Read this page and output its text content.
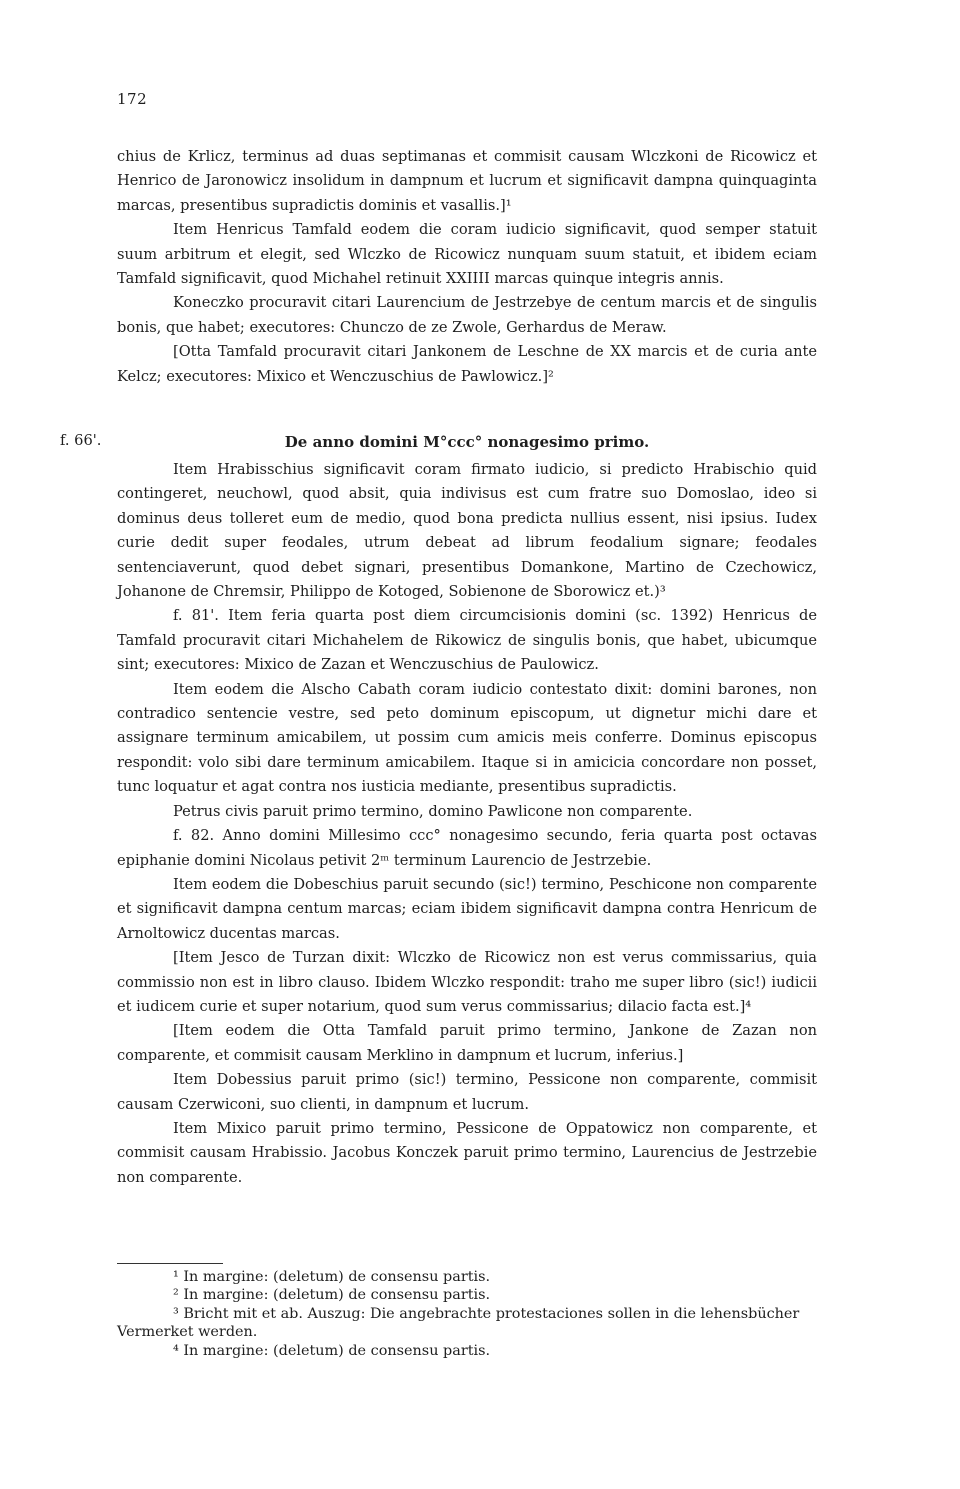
172

chius de Krlicz, terminus ad duas septimanas et commisit causam Wlczkoni de Ricowicz et Henrico de Jaronowicz insolidum in dampnum et lucrum et significavit dampna quinquaginta marcas, presentibus supradictis dominis et vasallis.]¹

Item Henricus Tamfald eodem die coram iudicio significavit, quod semper statuit suum arbitrum et elegit, sed Wlczko de Ricowicz nunquam suum statuit, et ibidem eciam Tamfald significavit, quod Michahel retinuit XXIIII marcas quinque integris annis.

Koneczko procuravit citari Laurencium de Jestrzebye de centum marcis et de singulis bonis, que habet; executores: Chunczo de ze Zwole, Gerhardus de Meraw.

[Otta Tamfald procuravit citari Jankonem de Leschne de XX marcis et de curia ante Kelcz; executores: Mixico et Wenczuschius de Pawlowicz.]²

f. 66'.	De anno domini M°ccc° nonagesimo primo.

Item Hrabisschius significavit coram firmato iudicio, si predicto Hrabischio quid contingeret, neuchowl, quod absit, quia indivisus est cum fratre suo Domoslao, ideo si dominus deus tolleret eum de medio, quod bona predicta nullius essent, nisi ipsius. Iudex curie dedit super feodales, utrum debeat ad librum feodalium signare; feodales sentenciaverunt, quod debet signari, presentibus Domankone, Martino de Czechowicz, Johanone de Chremsir, Philippo de Kotoged, Sobienone de Sborowicz et.)³

f. 81'. Item feria quarta post diem circumcisionis domini (sc. 1392) Henricus de Tamfald procuravit citari Michahelem de Rikowicz de singulis bonis, que habet, ubicumque sint; executores: Mixico de Zazan et Wenczuschius de Paulowicz.

Item eodem die Alscho Cabath coram iudicio contestato dixit: domini barones, non contradico sentencie vestre, sed peto dominum episcopum, ut dignetur michi dare et assignare terminum amicabilem, ut possim cum amicis meis conferre. Dominus episcopus respondit: volo sibi dare terminum amicabilem. Itaque si in amicicia concordare non posset, tunc loquatur et agat contra nos iusticia mediante, presentibus supradictis.

Petrus civis paruit primo termino, domino Pawlicone non comparente.

f. 82. Anno domini Millesimo ccc° nonagesimo secundo, feria quarta post octavas epiphanie domini Nicolaus petivit 2ᵐ terminum Laurencio de Jestrzebie.

Item eodem die Dobeschius paruit secundo (sic!) termino, Peschicone non comparente et significavit dampna centum marcas; eciam ibidem significavit dampna contra Henricum de Arnoltowicz ducentas marcas.

[Item Jesco de Turzan dixit: Wlczko de Ricowicz non est verus commissarius, quia commissio non est in libro clauso. Ibidem Wlczko respondit: traho me super libro (sic!) iudicii et iudicem curie et super notarium, quod sum verus commissarius; dilacio facta est.]⁴

[Item eodem die Otta Tamfald paruit primo termino, Jankone de Zazan non comparente, et commisit causam Merklino in dampnum et lucrum, inferius.]

Item Dobessius paruit primo (sic!) termino, Pessicone non comparente, commisit causam Czerwiconi, suo clienti, in dampnum et lucrum.

Item Mixico paruit primo termino, Pessicone de Oppatowicz non comparente, et commisit causam Hrabissio. Jacobus Konczek paruit primo termino, Laurencius de Jestrzebie non comparente.

¹ In margine: (deletum) de consensu partis.

² In margine: (deletum) de consensu partis.

³ Bricht mit et ab. Auszug: Die angebrachte protestaciones sollen in die lehensbücher Vermerket werden.

⁴ In margine: (deletum) de consensu partis.
